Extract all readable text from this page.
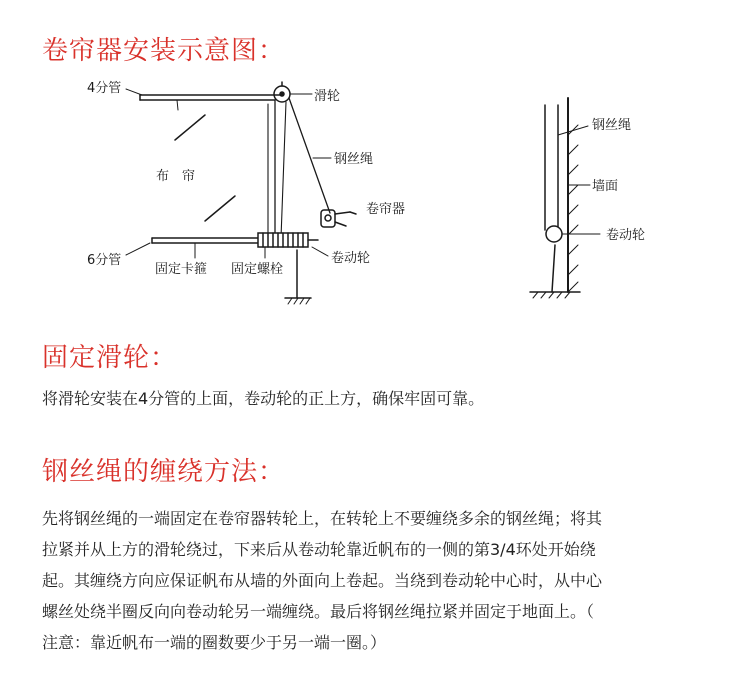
卷帘器安装示意图：
4分管
6分管
布　帘
滑轮
钢丝绳
卷帘器
卷动轮
固定卡箍 固定螺栓
钢丝绳
墙面
卷动轮
固定滑轮：

将滑轮安装在4分管的上面，卷动轮的正上方，确保牢固可靠。

钢丝绳的缠绕方法：

先将钢丝绳的一端固定在卷帘器转轮上，在转轮上不要缠绕多余的钢丝绳；将其
拉紧并从上方的滑轮绕过，下来后从卷动轮靠近帆布的一侧的第3/4环处开始绕
起。其缠绕方向应保证帆布从墙的外面向上卷起。当绕到卷动轮中心时，从中心
螺丝处绕半圈反向向卷动轮另一端缠绕。最后将钢丝绳拉紧并固定于地面上。（
注意：靠近帆布一端的圈数要少于另一端一圈。）
